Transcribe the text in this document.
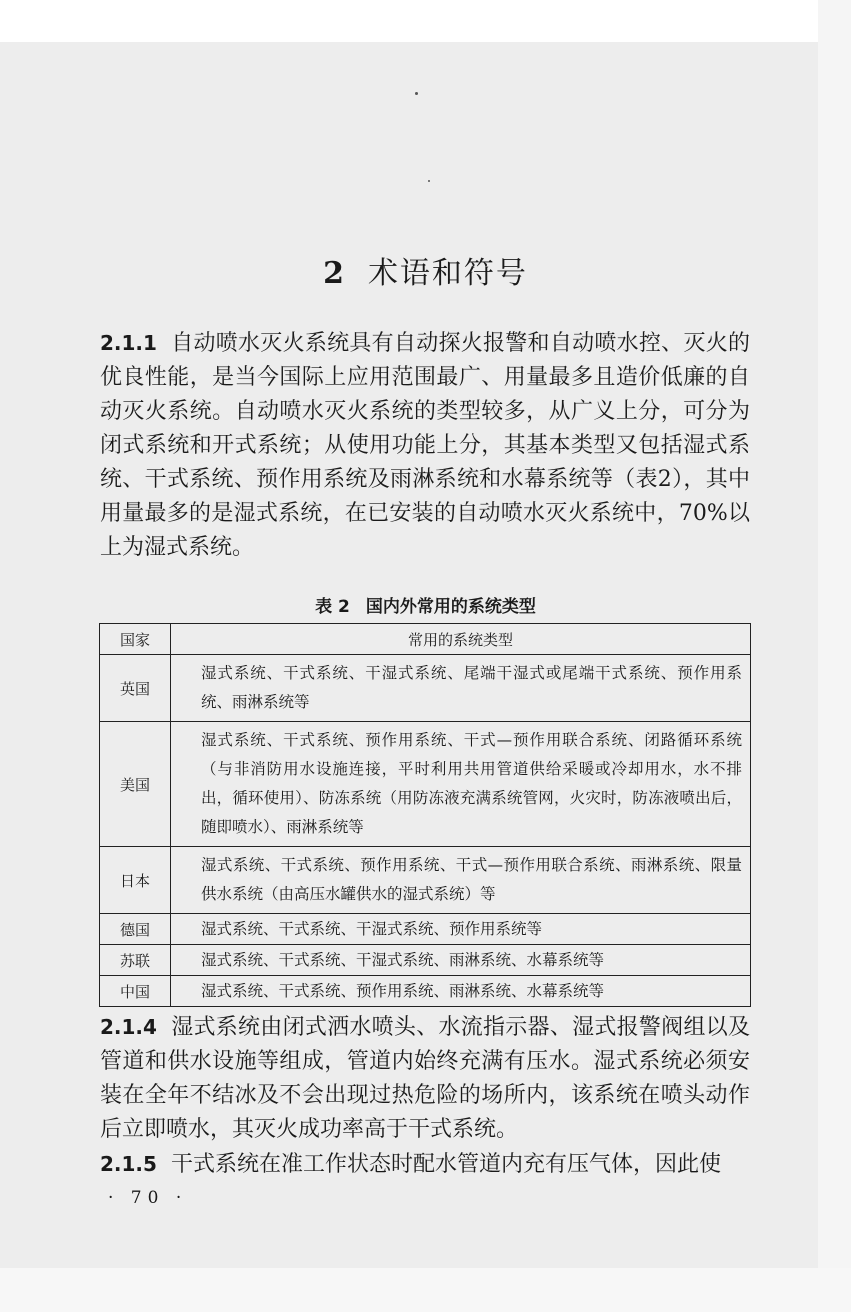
2 术语和符号

2.1.1 自动喷水灭火系统具有自动探火报警和自动喷水控、灭火的优良性能，是当今国际上应用范围最广、用量最多且造价低廉的自动灭火系统。自动喷水灭火系统的类型较多，从广义上分，可分为闭式系统和开式系统；从使用功能上分，其基本类型又包括湿式系统、干式系统、预作用系统及雨淋系统和水幕系统等（表2），其中用量最多的是湿式系统，在已安装的自动喷水灭火系统中，70%以上为湿式系统。

表 2 国内外常用的系统类型
国家	常用的系统类型
英国	湿式系统、干式系统、干湿式系统、尾端干湿式或尾端干式系统、预作用系统、雨淋系统等
美国	湿式系统、干式系统、预作用系统、干式—预作用联合系统、闭路循环系统（与非消防用水设施连接，平时利用共用管道供给采暖或冷却用水，水不排出，循环使用）、防冻系统（用防冻液充满系统管网，火灾时，防冻液喷出后，随即喷水）、雨淋系统等
日本	湿式系统、干式系统、预作用系统、干式—预作用联合系统、雨淋系统、限量供水系统（由高压水罐供水的湿式系统）等
德国	湿式系统、干式系统、干湿式系统、预作用系统等
苏联	湿式系统、干式系统、干湿式系统、雨淋系统、水幕系统等
中国	湿式系统、干式系统、预作用系统、雨淋系统、水幕系统等

2.1.4 湿式系统由闭式洒水喷头、水流指示器、湿式报警阀组以及管道和供水设施等组成，管道内始终充满有压水。湿式系统必须安装在全年不结冰及不会出现过热危险的场所内，该系统在喷头动作后立即喷水，其灭火成功率高于干式系统。

2.1.5 干式系统在准工作状态时配水管道内充有压气体，因此使

· 70 ·
